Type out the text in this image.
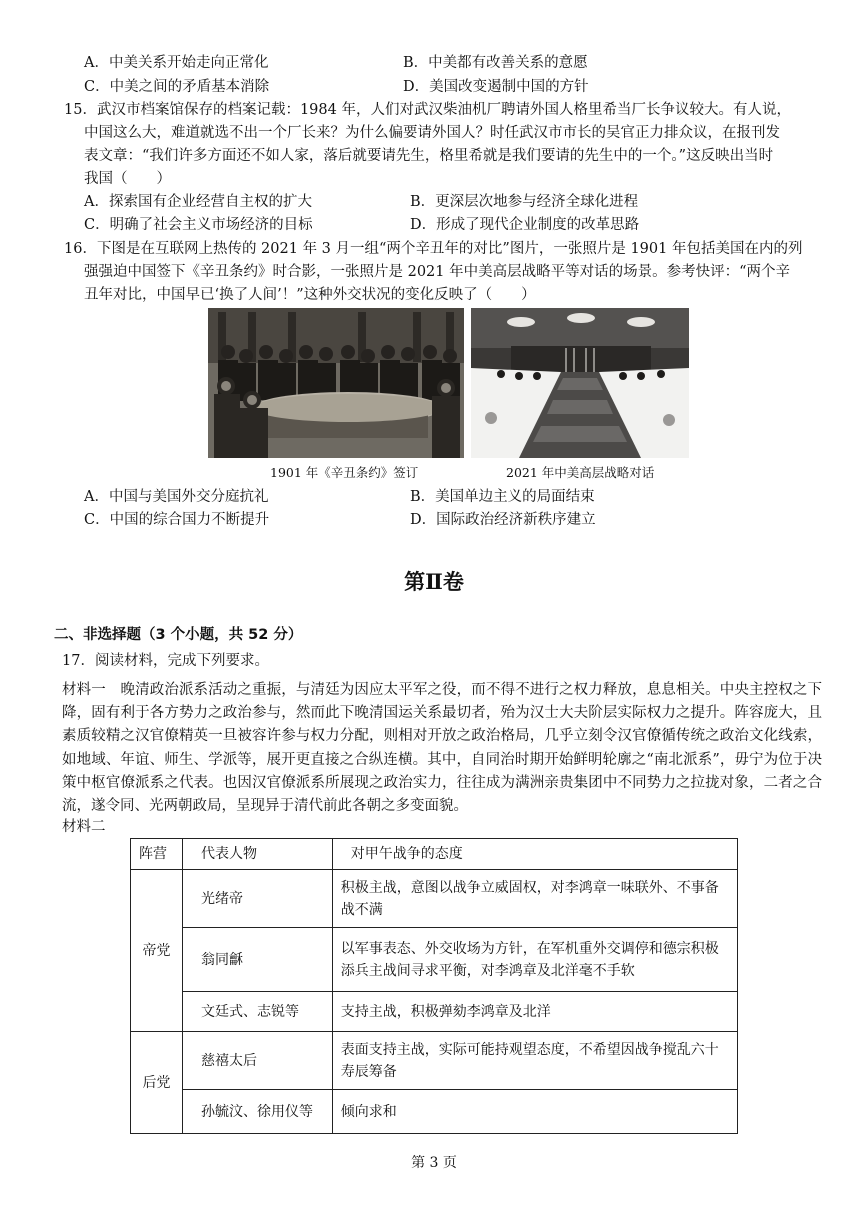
A．中美关系开始走向正常化	B．中美都有改善关系的意愿
C．中美之间的矛盾基本消除	D．美国改变遏制中国的方针
15．武汉市档案馆保存的档案记载：1984 年，人们对武汉柴油机厂聘请外国人格里希当厂长争议较大。有人说，
中国这么大，难道就选不出一个厂长来？为什么偏要请外国人？时任武汉市市长的吴官正力排众议，在报刊发
表文章：“我们许多方面还不如人家，落后就要请先生，格里希就是我们要请的先生中的一个。”这反映出当时
我国（　　）
A．探索国有企业经营自主权的扩大	B．更深层次地参与经济全球化进程
C．明确了社会主义市场经济的目标	D．形成了现代企业制度的改革思路
16．下图是在互联网上热传的 2021 年 3 月一组“两个辛丑年的对比”图片，一张照片是 1901 年包括美国在内的列
强强迫中国签下《辛丑条约》时合影，一张照片是 2021 年中美高层战略平等对话的场景。参考快评：“两个辛
丑年对比，中国早已‘换了人间’！”这种外交状况的变化反映了（　　）
1901 年《辛丑条约》签订	2021 年中美高层战略对话
A．中国与美国外交分庭抗礼	B．美国单边主义的局面结束
C．中国的综合国力不断提升	D．国际政治经济新秩序建立
第Ⅱ卷
二、非选择题（3 个小题，共 52 分）
17．阅读材料，完成下列要求。

材料一　晚清政治派系活动之重振，与清廷为因应太平军之役，而不得不进行之权力释放，息息相关。中央主控权之下降，固有利于各方势力之政治参与，然而此下晚清国运关系最切者，殆为汉士大夫阶层实际权力之提升。阵容庞大，且素质较精之汉官僚精英一旦被容许参与权力分配，则相对开放之政治格局，几乎立刻令汉官僚循传统之政治文化线索，如地域、年谊、师生、学派等，展开更直接之合纵连横。其中，自同治时期开始鲜明轮廓之“南北派系”，毋宁为位于决策中枢官僚派系之代表。也因汉官僚派系所展现之政治实力，往往成为满洲亲贵集团中不同势力之拉拢对象，二者之合流，遂令同、光两朝政局，呈现异于清代前此各朝之多变面貌。

材料二
阵营	代表人物	对甲午战争的态度
帝党	光绪帝	积极主战，意图以战争立威固权，对李鸿章一味联外、不事备战不满
	翁同龢	以军事表态、外交收场为方针，在军机重外交调停和德宗积极添兵主战间寻求平衡，对李鸿章及北洋毫不手软
	文廷式、志锐等	支持主战，积极弹劾李鸿章及北洋
后党	慈禧太后	表面支持主战，实际可能持观望态度，不希望因战争搅乱六十寿辰筹备
	孙毓汶、徐用仪等	倾向求和
第 3 页
